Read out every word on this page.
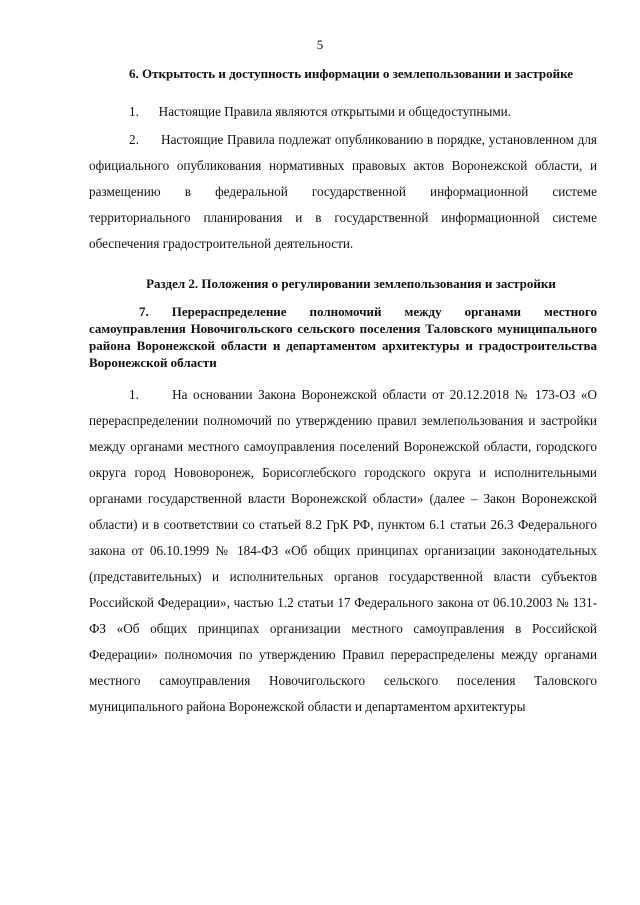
5
6. Открытость и доступность информации о землепользовании и застройке

1.      Настоящие Правила являются открытыми и общедоступными.

2.      Настоящие Правила подлежат опубликованию в порядке, установленном для официального опубликования нормативных правовых актов Воронежской области, и размещению в федеральной государственной информационной системе территориального планирования и в государственной информационной системе обеспечения градостроительной деятельности.

Раздел 2. Положения о регулировании землепользования и застройки
7. Перераспределение полномочий между органами местного самоуправления Новочигольского сельского поселения Таловского муниципального района Воронежской области и департаментом архитектуры и градостроительства Воронежской области

1.      На основании Закона Воронежской области от 20.12.2018 № 173-ОЗ «О перераспределении полномочий по утверждению правил землепользования и застройки между органами местного самоуправления поселений Воронежской области, городского округа город Нововоронеж, Борисоглебского городского округа и исполнительными органами государственной власти Воронежской области» (далее – Закон Воронежской области) и в соответствии со статьей 8.2 ГрК РФ, пунктом 6.1 статьи 26.3 Федерального закона от 06.10.1999 № 184-ФЗ «Об общих принципах организации законодательных (представительных) и исполнительных органов государственной власти субъектов Российской Федерации», частью 1.2 статьи 17 Федерального закона от 06.10.2003 № 131-ФЗ «Об общих принципах организации местного самоуправления в Российской Федерации» полномочия по утверждению Правил перераспределены между органами местного самоуправления Новочигольского сельского поселения Таловского муниципального района Воронежской области и департаментом архитектуры
